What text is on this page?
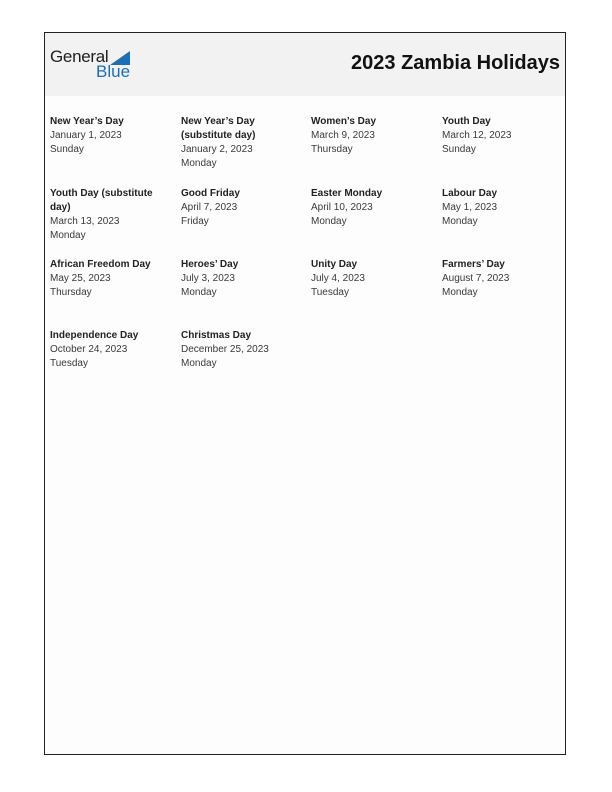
General
Blue	2023 Zambia Holidays
New Year’s Day
January 1, 2023
Sunday
New Year’s Day (substitute day)
January 2, 2023
Monday
Women’s Day
March 9, 2023
Thursday
Youth Day
March 12, 2023
Sunday
Youth Day (substitute day)
March 13, 2023
Monday
Good Friday
April 7, 2023
Friday
Easter Monday
April 10, 2023
Monday
Labour Day
May 1, 2023
Monday
African Freedom Day
May 25, 2023
Thursday
Heroes’ Day
July 3, 2023
Monday
Unity Day
July 4, 2023
Tuesday
Farmers’ Day
August 7, 2023
Monday
Independence Day
October 24, 2023
Tuesday
Christmas Day
December 25, 2023
Monday
